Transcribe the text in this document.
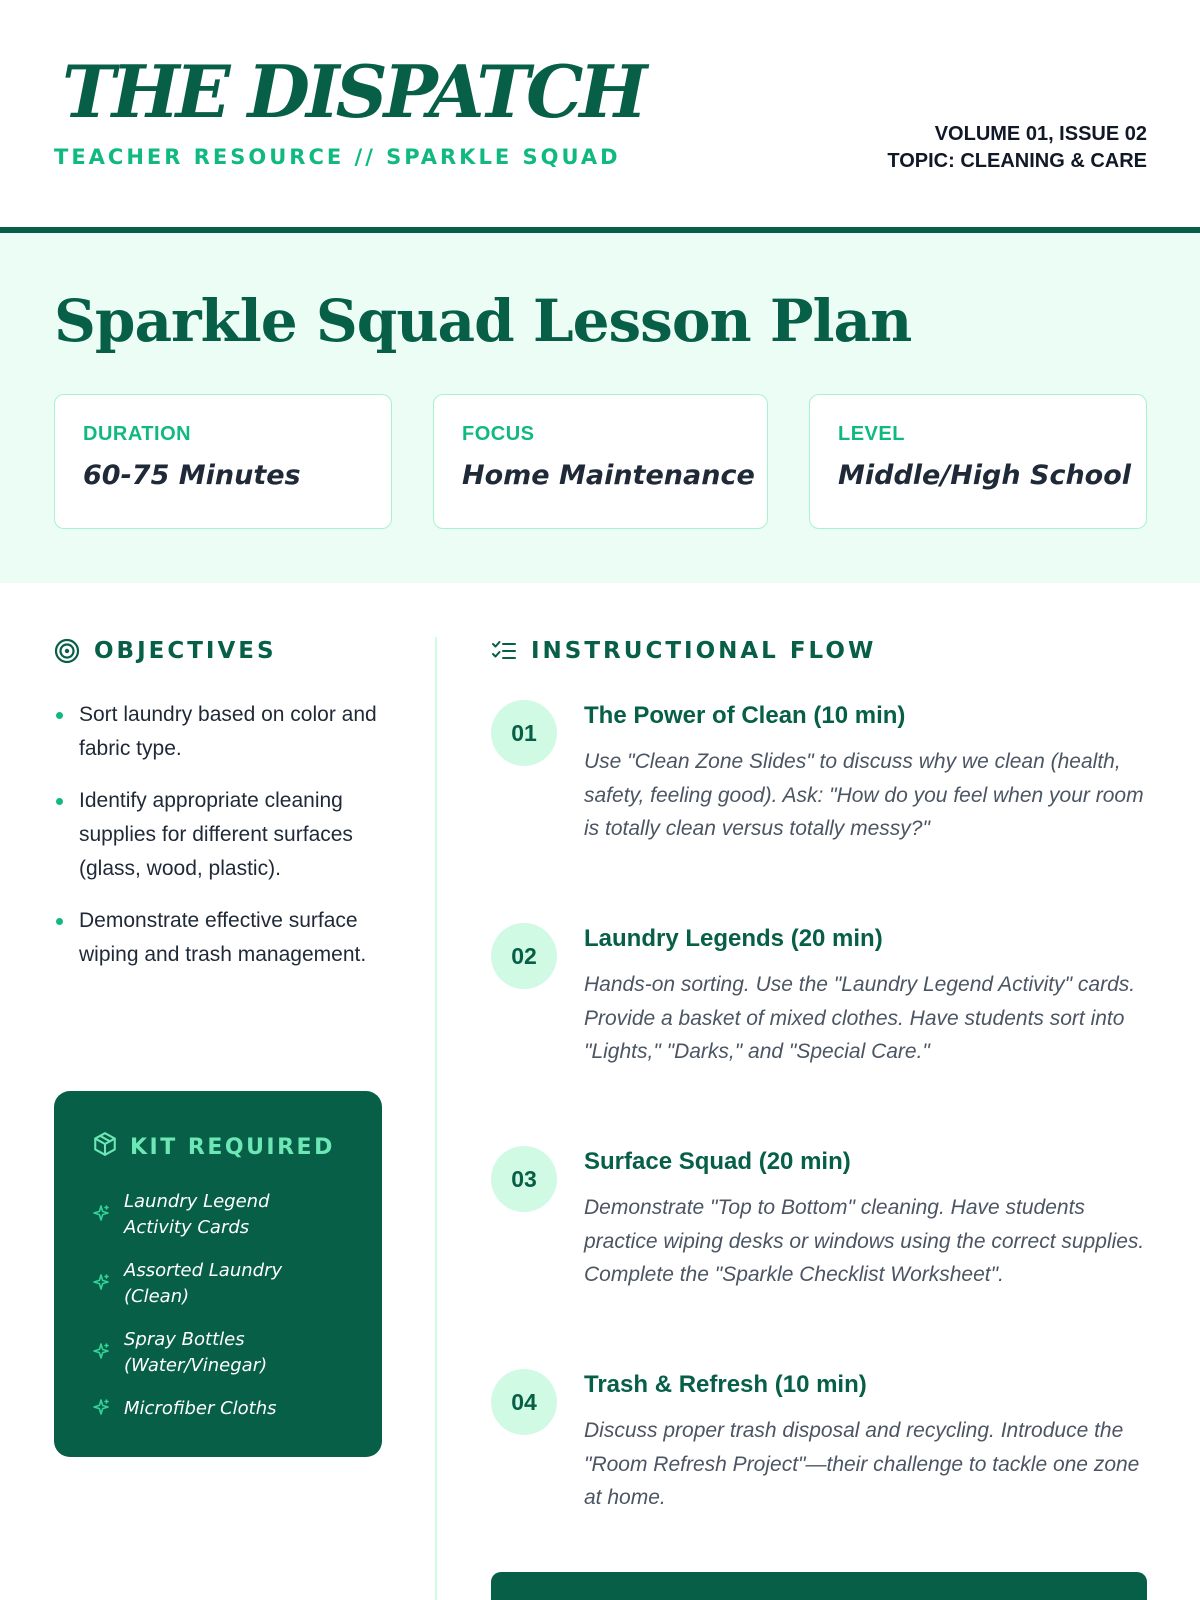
THE DISPATCH
TEACHER RESOURCE // SPARKLE SQUAD
VOLUME 01, ISSUE 02
TOPIC: CLEANING & CARE
Sparkle Squad Lesson Plan
DURATION
60-75 Minutes
FOCUS
Home Maintenance
LEVEL
Middle/High School
OBJECTIVES
Sort laundry based on color and fabric type.
Identify appropriate cleaning supplies for different surfaces (glass, wood, plastic).
Demonstrate effective surface wiping and trash management.
KIT REQUIRED
Laundry Legend Activity Cards
Assorted Laundry (Clean)
Spray Bottles (Water/Vinegar)
Microfiber Cloths
INSTRUCTIONAL FLOW
01
The Power of Clean (10 min)
Use "Clean Zone Slides" to discuss why we clean (health, safety, feeling good). Ask: "How do you feel when your room is totally clean versus totally messy?"
02
Laundry Legends (20 min)
Hands-on sorting. Use the "Laundry Legend Activity" cards. Provide a basket of mixed clothes. Have students sort into "Lights," "Darks," and "Special Care."
03
Surface Squad (20 min)
Demonstrate "Top to Bottom" cleaning. Have students practice wiping desks or windows using the correct supplies. Complete the "Sparkle Checklist Worksheet".
04
Trash & Refresh (10 min)
Discuss proper trash disposal and recycling. Introduce the "Room Refresh Project"—their challenge to tackle one zone at home.
